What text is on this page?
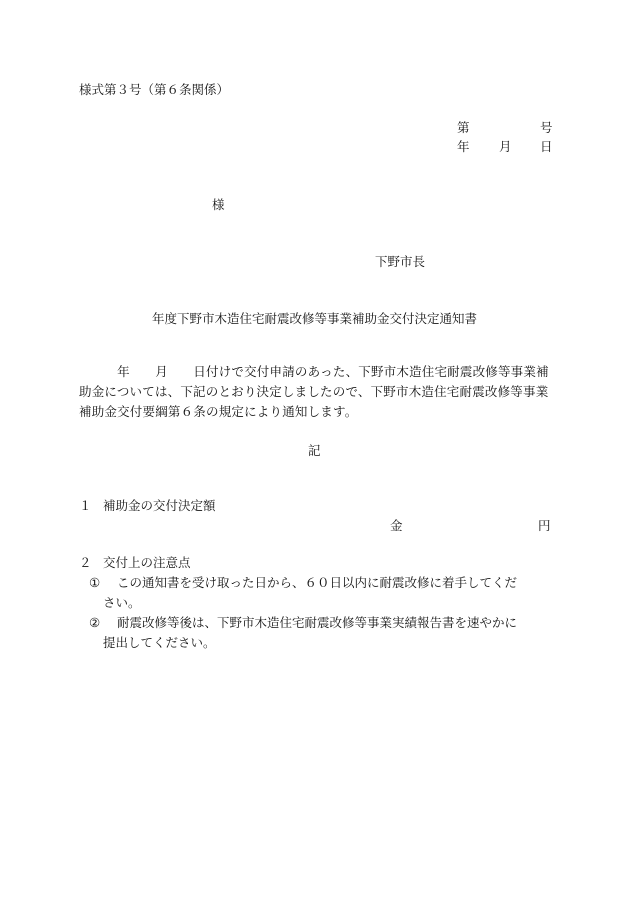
様式第３号（第６条関係）
第	号
年 月 日
様
下野市長
年度下野市木造住宅耐震改修等事業補助金交付決定通知書
　　　年　　月　　日付けで交付申請のあった、下野市木造住宅耐震改修等事業補助金については、下記のとおり決定しましたので、下野市木造住宅耐震改修等事業補助金交付要綱第６条の規定により通知します。
記
１ 補助金の交付決定額
金	円
２ 交付上の注意点
① この通知書を受け取った日から、６０日以内に耐震改修に着手してくだ
さい。
② 耐震改修等後は、下野市木造住宅耐震改修等事業実績報告書を速やかに
提出してください。
